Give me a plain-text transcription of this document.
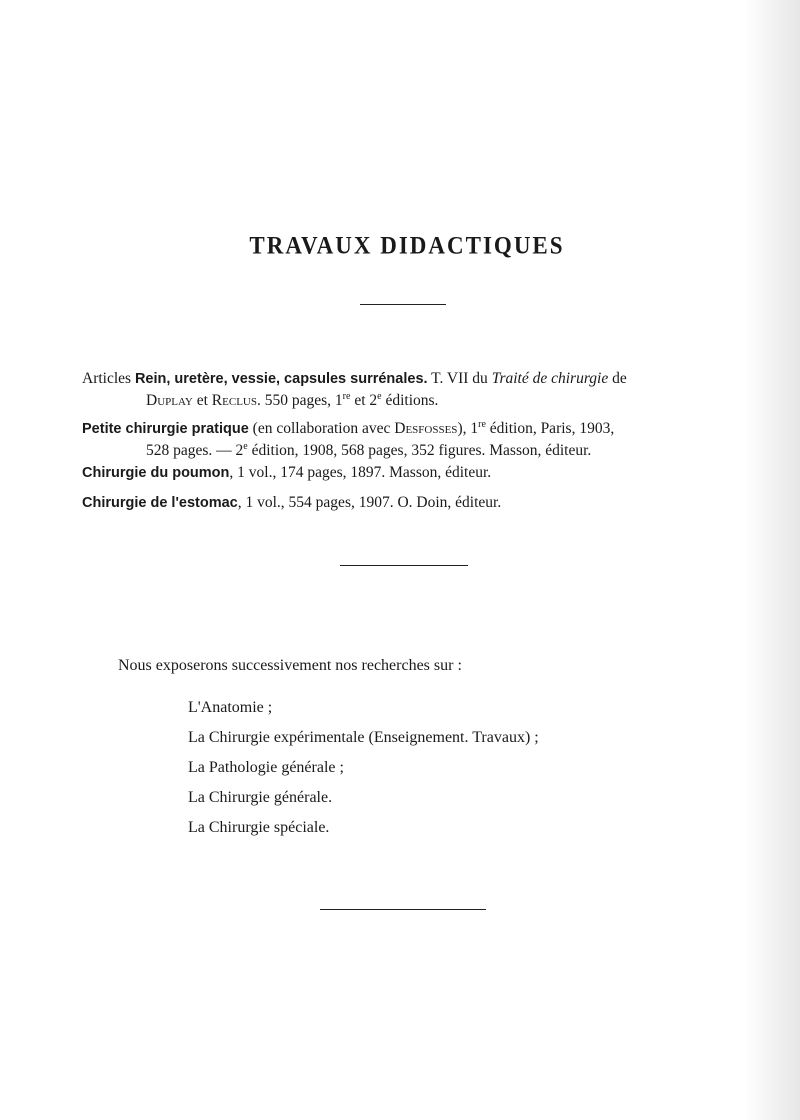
TRAVAUX DIDACTIQUES
Articles Rein, uretère, vessie, capsules surrénales. T. VII du Traité de chirurgie de
Duplay et Reclus. 550 pages, 1re et 2e éditions.
Petite chirurgie pratique (en collaboration avec Desfosses), 1re édition, Paris, 1903,
528 pages. — 2e édition, 1908, 568 pages, 352 figures. Masson, éditeur.
Chirurgie du poumon, 1 vol., 174 pages, 1897. Masson, éditeur.
Chirurgie de l'estomac, 1 vol., 554 pages, 1907. O. Doin, éditeur.
Nous exposerons successivement nos recherches sur :
L'Anatomie ;
La Chirurgie expérimentale (Enseignement. Travaux) ;
La Pathologie générale ;
La Chirurgie générale.
La Chirurgie spéciale.
